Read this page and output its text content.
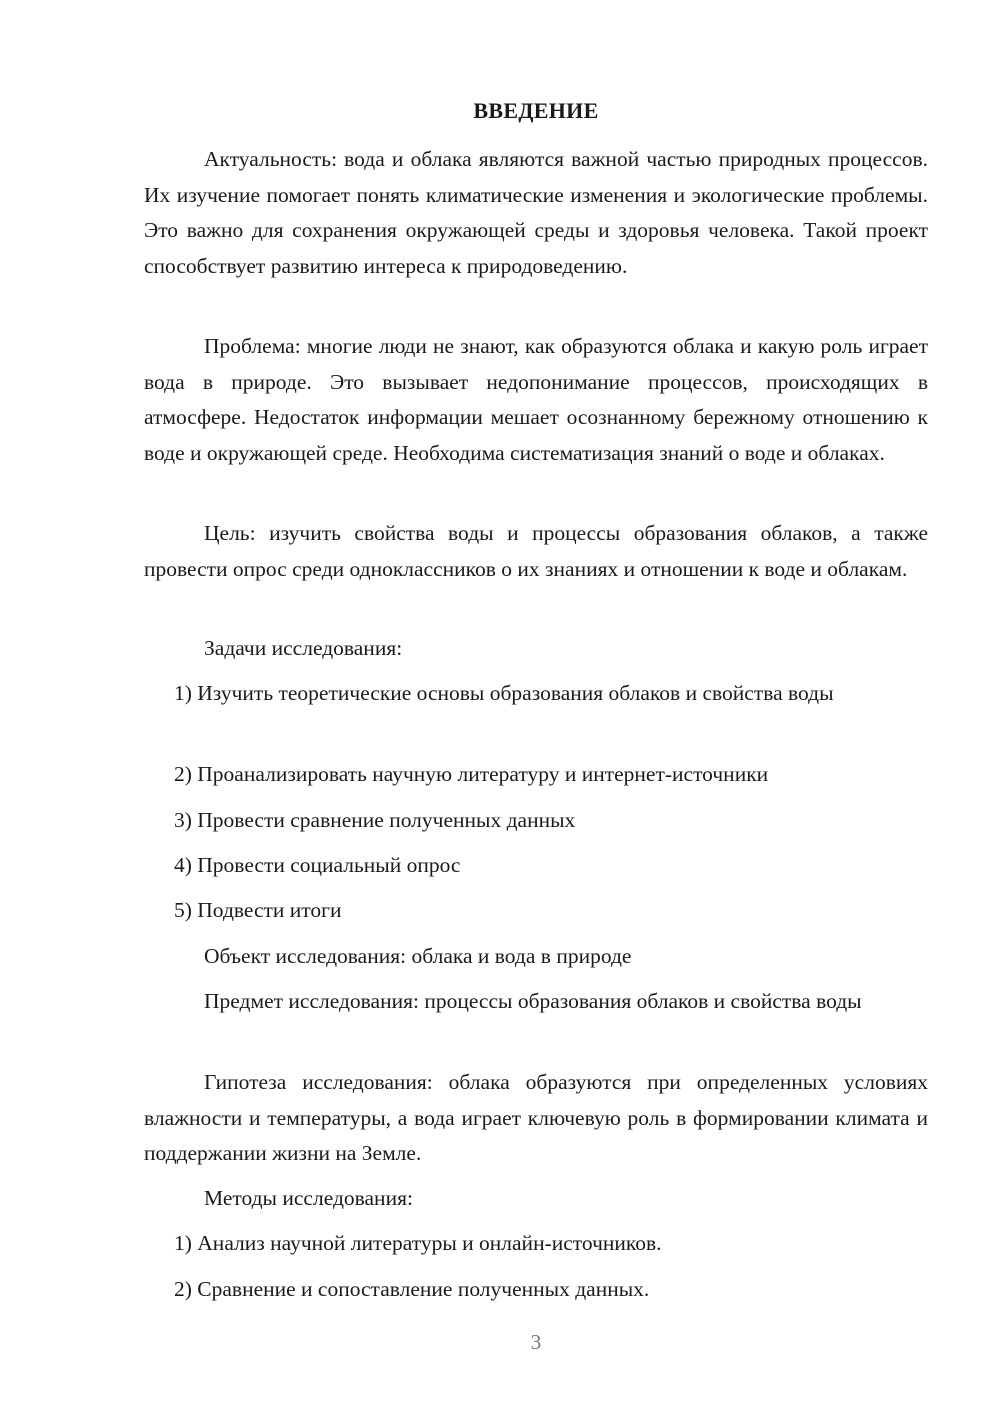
ВВЕДЕНИЕ

Актуальность: вода и облака являются важной частью природных процессов. Их изучение помогает понять климатические изменения и экологические проблемы. Это важно для сохранения окружающей среды и здоровья человека. Такой проект способствует развитию интереса к природоведению.

Проблема: многие люди не знают, как образуются облака и какую роль играет вода в природе. Это вызывает недопонимание процессов, происходящих в атмосфере. Недостаток информации мешает осознанному бережному отношению к воде и окружающей среде. Необходима систематизация знаний о воде и облаках.

Цель: изучить свойства воды и процессы образования облаков, а также провести опрос среди одноклассников о их знаниях и отношении к воде и облакам.

Задачи исследования:

1) Изучить теоретические основы образования облаков и свойства воды

2) Проанализировать научную литературу и интернет-источники

3) Провести сравнение полученных данных

4) Провести социальный опрос

5) Подвести итоги

Объект исследования: облака и вода в природе

Предмет исследования: процессы образования облаков и свойства воды

Гипотеза исследования: облака образуются при определенных условиях влажности и температуры, а вода играет ключевую роль в формировании климата и поддержании жизни на Земле.

Методы исследования:

1) Анализ научной литературы и онлайн-источников.

2) Сравнение и сопоставление полученных данных.

3
